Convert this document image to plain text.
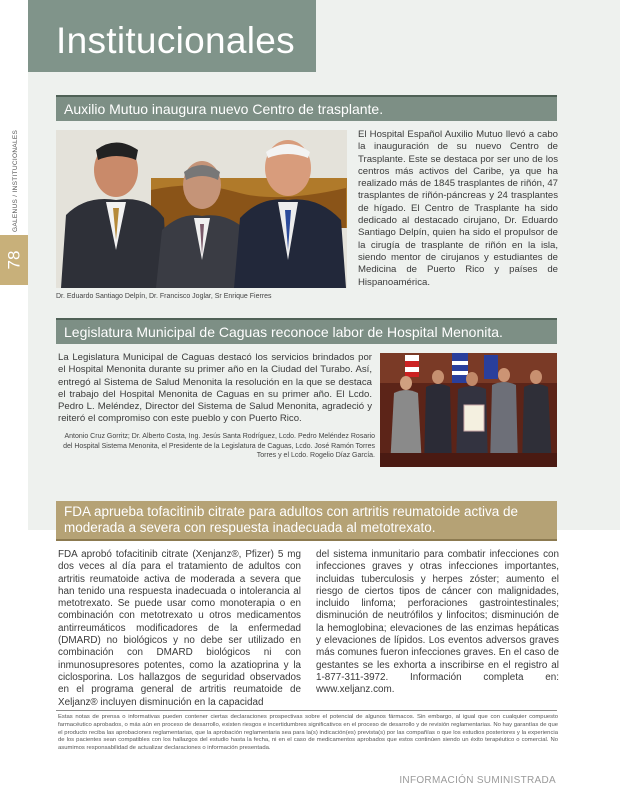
GALENUS / INSTITUCIONALES
78
Institucionales
Auxilio Mutuo inaugura nuevo Centro de trasplante.
Dr. Eduardo Santiago Delpín, Dr. Francisco Joglar, Sr Enrique Fierres
El Hospital Español Auxilio Mutuo llevó a cabo la inauguración de su nuevo Centro de Trasplante. Este se destaca por ser uno de los centros más activos del Caribe, ya que ha realizado más de 1845 trasplantes de riñón, 47 trasplantes de riñón-páncreas y 24 trasplantes de hígado. El Centro de Trasplante ha sido dedicado al destacado cirujano, Dr. Eduardo Santiago Delpín, quien ha sido el propulsor de la cirugía de trasplante de riñón en la isla, siendo mentor de cirujanos y estudiantes de Medicina de Puerto Rico y países de Hispanoamérica.
Legislatura Municipal de Caguas reconoce labor de Hospital Menonita.
La Legislatura Municipal de Caguas destacó los servicios brindados por el Hospital Menonita durante su primer año en la Ciudad del Turabo. Así, entregó al Sistema de Salud Menonita la resolución en la que se destaca el trabajo del Hospital Menonita de Caguas en su primer año. El Lcdo. Pedro L. Meléndez, Director del Sistema de Salud Menonita, agradeció y reiteró el compromiso con este pueblo y con Puerto Rico.
Antonio Cruz Gorritz; Dr. Alberto Costa, Ing. Jesús Santa Rodríguez, Lcdo. Pedro Meléndez Rosario del Hospital Sistema Menonita, el Presidente de la Legislatura de Caguas, Lcdo. José Ramón Torres Torres y el Lcdo. Rogelio Díaz García.
FDA aprueba tofacitinib citrate para adultos con artritis reumatoide activa de moderada a severa con respuesta inadecuada al metotrexato.
FDA aprobó tofacitinib citrate (Xenjanz®, Pfizer) 5 mg dos veces al día para el tratamiento de adultos con artritis reumatoide activa de moderada a severa que han tenido una respuesta inadecuada o intolerancia al metotrexato. Se puede usar como monoterapia o en combinación con metotrexato u otros medicamentos antirreumáticos modificadores de la enfermedad (DMARD) no biológicos y no debe ser utilizado en combinación con DMARD biológicos ni con inmunosupresores potentes, como la azatioprina y la ciclosporina. Los hallazgos de seguridad observados en el programa general de artritis reumatoide de Xeljanz® incluyen disminución en la capacidad
del sistema inmunitario para combatir infecciones con infecciones graves y otras infecciones importantes, incluidas tuberculosis y herpes zóster; aumento el riesgo de ciertos tipos de cáncer con malignidades, incluido linfoma; perforaciones gastrointestinales; disminución de neutrófilos y linfocitos; disminución de la hemoglobina; elevaciones de las enzimas hepáticas y elevaciones de lípidos. Los eventos adversos graves más comunes fueron infecciones graves. En el caso de gestantes se les exhorta a inscribirse en el registro al 1-877-311-3972. Información completa en: www.xeljanz.com.
Estas notas de prensa o informativas pueden contener ciertas declaraciones prospectivas sobre el potencial de algunos fármacos. Sin embargo, al igual que con cualquier compuesto farmacéutico aprobados, o más aún en proceso de desarrollo, existen riesgos e incertidumbres significativos en el proceso de desarrollo y de revisión reglamentarias. No hay garantías de que el producto reciba las aprobaciones reglamentarias, que la aprobación reglamentaria sea para la(s) indicación(es) prevista(s) por las compañías o que los estudios posteriores y la experiencia de los pacientes sean compatibles con los hallazgos del estudio hasta la fecha, ni en el caso de medicamentos aprobados que estos continúen siendo un éxito terapéutico o comercial. No asumimos responsabilidad de actualizar declaraciones o información presentada.
INFORMACIÓN SUMINISTRADA
